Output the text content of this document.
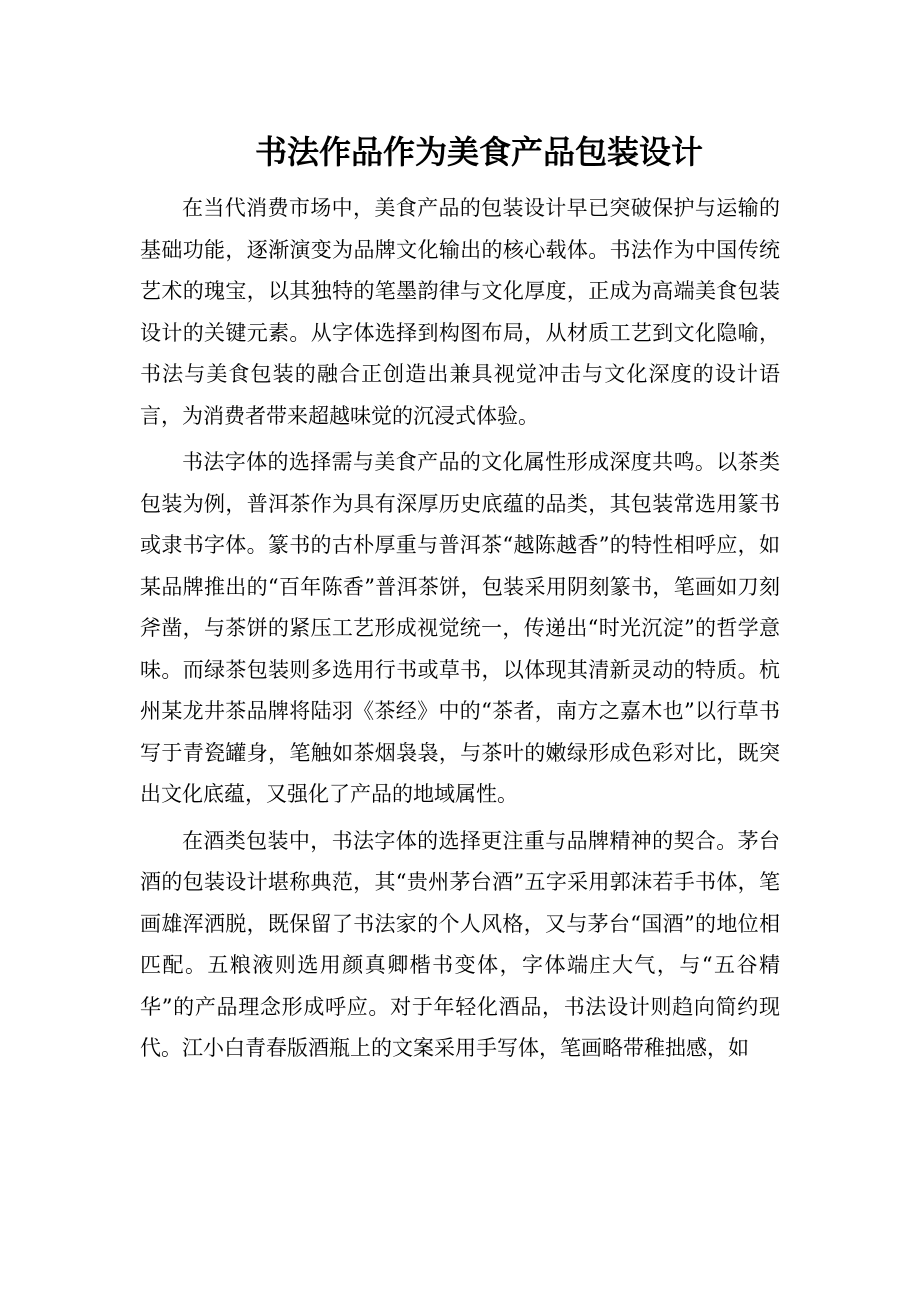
书法作品作为美食产品包装设计

在当代消费市场中，美食产品的包装设计早已突破保护与运输的基础功能，逐渐演变为品牌文化输出的核心载体。书法作为中国传统艺术的瑰宝，以其独特的笔墨韵律与文化厚度，正成为高端美食包装设计的关键元素。从字体选择到构图布局，从材质工艺到文化隐喻，书法与美食包装的融合正创造出兼具视觉冲击与文化深度的设计语言，为消费者带来超越味觉的沉浸式体验。

书法字体的选择需与美食产品的文化属性形成深度共鸣。以茶类包装为例，普洱茶作为具有深厚历史底蕴的品类，其包装常选用篆书或隶书字体。篆书的古朴厚重与普洱茶“越陈越香”的特性相呼应，如某品牌推出的“百年陈香”普洱茶饼，包装采用阴刻篆书，笔画如刀刻斧凿，与茶饼的紧压工艺形成视觉统一，传递出“时光沉淀”的哲学意味。而绿茶包装则多选用行书或草书，以体现其清新灵动的特质。杭州某龙井茶品牌将陆羽《茶经》中的“茶者，南方之嘉木也”以行草书写于青瓷罐身，笔触如茶烟袅袅，与茶叶的嫩绿形成色彩对比，既突出文化底蕴，又强化了产品的地域属性。

在酒类包装中，书法字体的选择更注重与品牌精神的契合。茅台酒的包装设计堪称典范，其“贵州茅台酒”五字采用郭沫若手书体，笔画雄浑洒脱，既保留了书法家的个人风格，又与茅台“国酒”的地位相匹配。五粮液则选用颜真卿楷书变体，字体端庄大气，与“五谷精华”的产品理念形成呼应。对于年轻化酒品，书法设计则趋向简约现代。江小白青春版酒瓶上的文案采用手写体，笔画略带稚拙感，如
